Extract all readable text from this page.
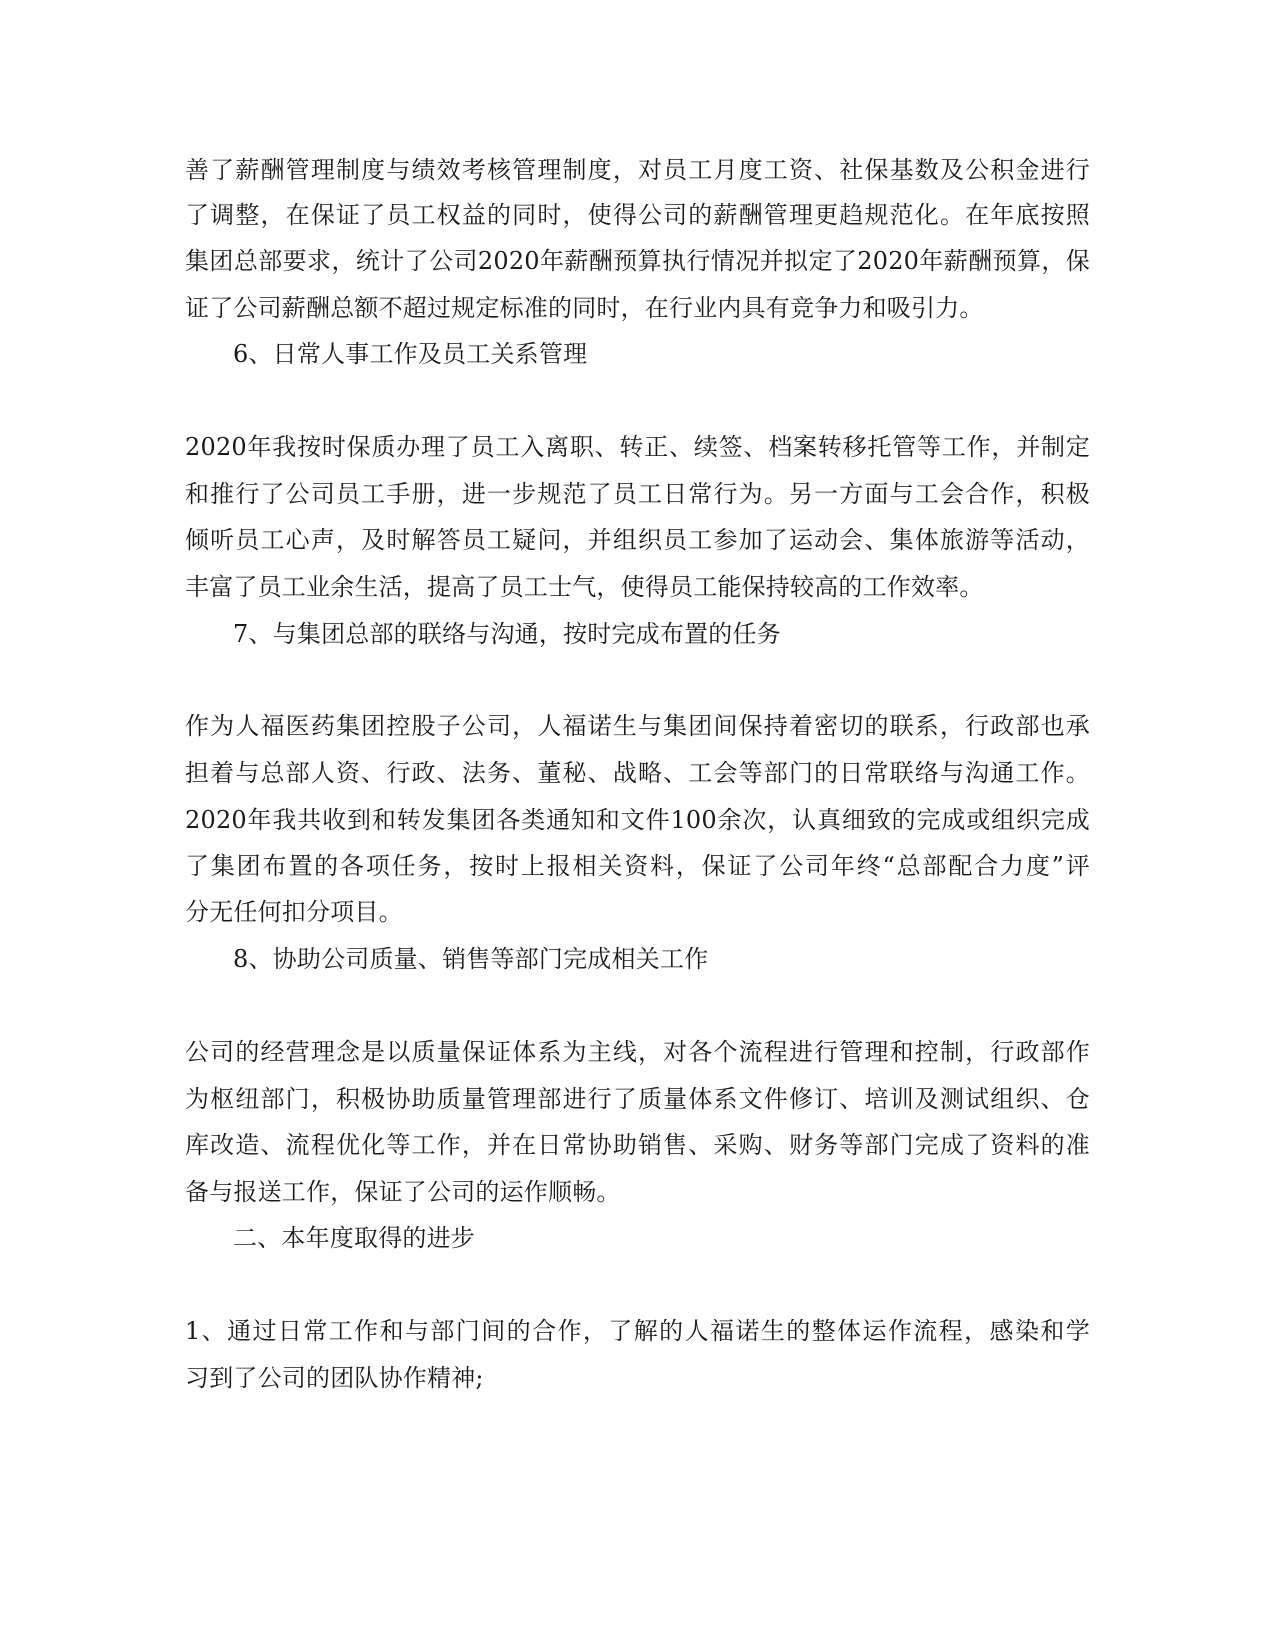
善了薪酬管理制度与绩效考核管理制度，对员工月度工资、社保基数及公积金进行
了调整，在保证了员工权益的同时，使得公司的薪酬管理更趋规范化。在年底按照
集团总部要求，统计了公司2020年薪酬预算执行情况并拟定了2020年薪酬预算，保
证了公司薪酬总额不超过规定标准的同时，在行业内具有竞争力和吸引力。
6、日常人事工作及员工关系管理
2020年我按时保质办理了员工入离职、转正、续签、档案转移托管等工作，并制定
和推行了公司员工手册，进一步规范了员工日常行为。另一方面与工会合作，积极
倾听员工心声，及时解答员工疑问，并组织员工参加了运动会、集体旅游等活动，
丰富了员工业余生活，提高了员工士气，使得员工能保持较高的工作效率。
7、与集团总部的联络与沟通，按时完成布置的任务
作为人福医药集团控股子公司，人福诺生与集团间保持着密切的联系，行政部也承
担着与总部人资、行政、法务、董秘、战略、工会等部门的日常联络与沟通工作。
2020年我共收到和转发集团各类通知和文件100余次，认真细致的完成或组织完成
了集团布置的各项任务，按时上报相关资料，保证了公司年终“总部配合力度”评
分无任何扣分项目。
8、协助公司质量、销售等部门完成相关工作
公司的经营理念是以质量保证体系为主线，对各个流程进行管理和控制，行政部作
为枢纽部门，积极协助质量管理部进行了质量体系文件修订、培训及测试组织、仓
库改造、流程优化等工作，并在日常协助销售、采购、财务等部门完成了资料的准
备与报送工作，保证了公司的运作顺畅。
二、本年度取得的进步
1、通过日常工作和与部门间的合作，了解的人福诺生的整体运作流程，感染和学
习到了公司的团队协作精神;
